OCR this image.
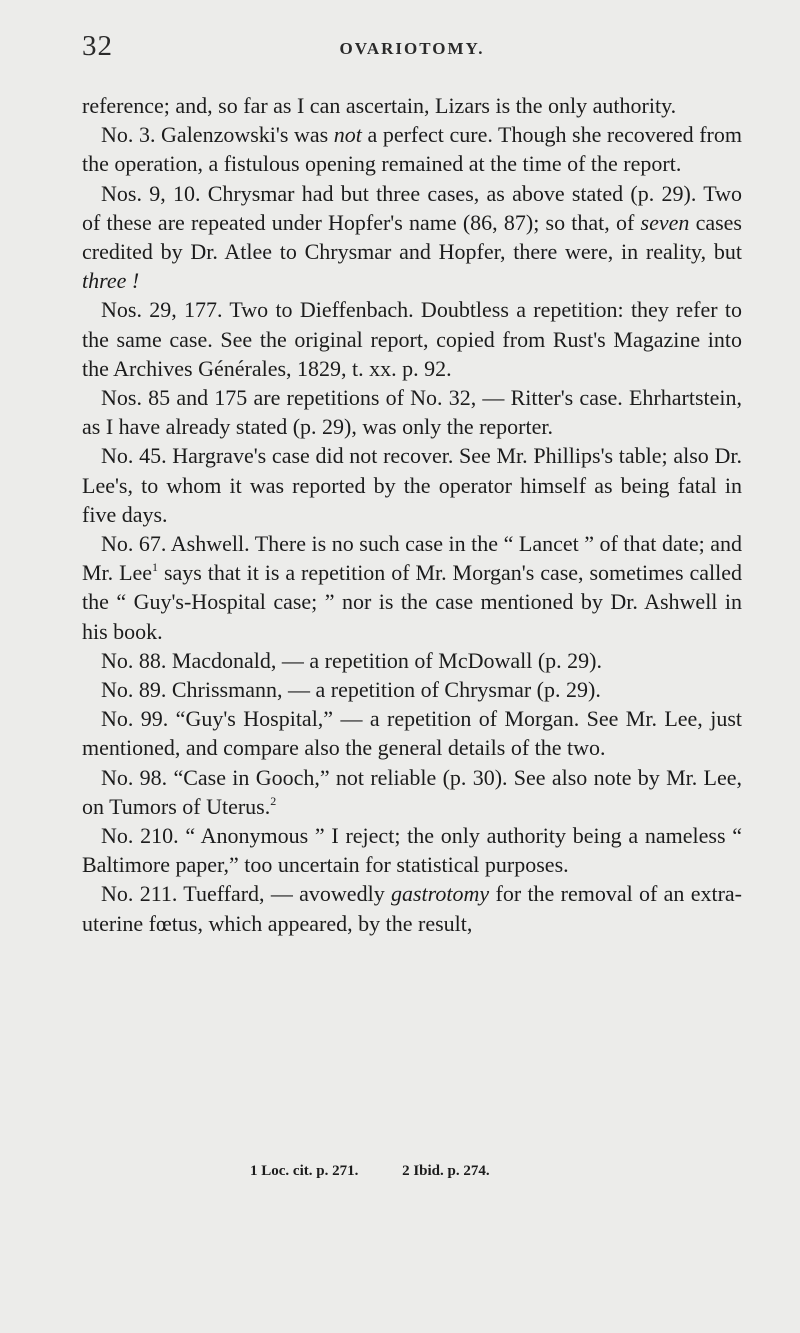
32	OVARIOTOMY.

reference; and, so far as I can ascertain, Lizars is the only authority.

No. 3. Galenzowski's was not a perfect cure. Though she recovered from the operation, a fistulous opening remained at the time of the report.

Nos. 9, 10. Chrysmar had but three cases, as above stated (p. 29). Two of these are repeated under Hopfer's name (86, 87); so that, of seven cases credited by Dr. Atlee to Chrysmar and Hopfer, there were, in reality, but three !

Nos. 29, 177. Two to Dieffenbach. Doubtless a repetition: they refer to the same case. See the original report, copied from Rust's Magazine into the Archives Générales, 1829, t. xx. p. 92.

Nos. 85 and 175 are repetitions of No. 32, — Ritter's case. Ehrhartstein, as I have already stated (p. 29), was only the reporter.

No. 45. Hargrave's case did not recover. See Mr. Phillips's table; also Dr. Lee's, to whom it was reported by the operator himself as being fatal in five days.

No. 67. Ashwell. There is no such case in the “ Lancet ” of that date; and Mr. Lee$^1$ says that it is a repetition of Mr. Morgan's case, sometimes called the “ Guy's-Hospital case; ” nor is the case mentioned by Dr. Ashwell in his book.

No. 88. Macdonald, — a repetition of McDowall (p. 29).

No. 89. Chrissmann, — a repetition of Chrysmar (p. 29).

No. 99. “Guy's Hospital,” — a repetition of Morgan. See Mr. Lee, just mentioned, and compare also the general details of the two.

No. 98. “Case in Gooch,” not reliable (p. 30). See also note by Mr. Lee, on Tumors of Uterus.$^2$

No. 210. “ Anonymous ” I reject; the only authority being a nameless “ Baltimore paper,” too uncertain for statistical purposes.

No. 211. Tueffard, — avowedly gastrotomy for the removal of an extra-uterine fœtus, which appeared, by the result,

1 Loc. cit. p. 271.	2 Ibid. p. 274.
